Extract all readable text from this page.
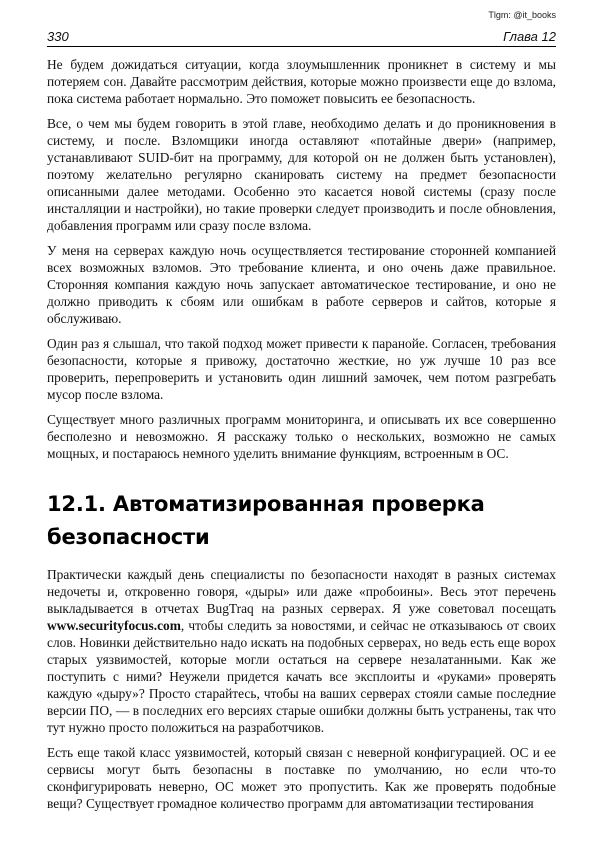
Tlgm: @it_books
330	Глава 12

Не будем дожидаться ситуации, когда злоумышленник проникнет в систему и мы потеряем сон. Давайте рассмотрим действия, которые можно произвести еще до взлома, пока система работает нормально. Это поможет повысить ее безопасность.

Все, о чем мы будем говорить в этой главе, необходимо делать и до проникновения в систему, и после. Взломщики иногда оставляют «потайные двери» (например, устанавливают SUID-бит на программу, для которой он не должен быть установлен), поэтому желательно регулярно сканировать систему на предмет безопасности описанными далее методами. Особенно это касается новой системы (сразу после инсталляции и настройки), но такие проверки следует производить и после обновления, добавления программ или сразу после взлома.

У меня на серверах каждую ночь осуществляется тестирование сторонней компанией всех возможных взломов. Это требование клиента, и оно очень даже правильное. Сторонняя компания каждую ночь запускает автоматическое тестирование, и оно не должно приводить к сбоям или ошибкам в работе серверов и сайтов, которые я обслуживаю.

Один раз я слышал, что такой подход может привести к паранойе. Согласен, требования безопасности, которые я привожу, достаточно жесткие, но уж лучше 10 раз все проверить, перепроверить и установить один лишний замочек, чем потом разгребать мусор после взлома.

Существует много различных программ мониторинга, и описывать их все совершенно бесполезно и невозможно. Я расскажу только о нескольких, возможно не самых мощных, и постараюсь немного уделить внимание функциям, встроенным в ОС.

12.1. Автоматизированная проверка безопасности

Практически каждый день специалисты по безопасности находят в разных системах недочеты и, откровенно говоря, «дыры» или даже «пробоины». Весь этот перечень выкладывается в отчетах BugTraq на разных серверах. Я уже советовал посещать www.securityfocus.com, чтобы следить за новостями, и сейчас не отказываюсь от своих слов. Новинки действительно надо искать на подобных серверах, но ведь есть еще ворох старых уязвимостей, которые могли остаться на сервере незалатанными. Как же поступить с ними? Неужели придется качать все эксплоиты и «руками» проверять каждую «дыру»? Просто старайтесь, чтобы на ваших серверах стояли самые последние версии ПО, — в последних его версиях старые ошибки должны быть устранены, так что тут нужно просто положиться на разработчиков.

Есть еще такой класс уязвимостей, который связан с неверной конфигурацией. ОС и ее сервисы могут быть безопасны в поставке по умолчанию, но если что-то сконфигурировать неверно, ОС может это пропустить. Как же проверять подобные вещи? Существует громадное количество программ для автоматизации тестирования
